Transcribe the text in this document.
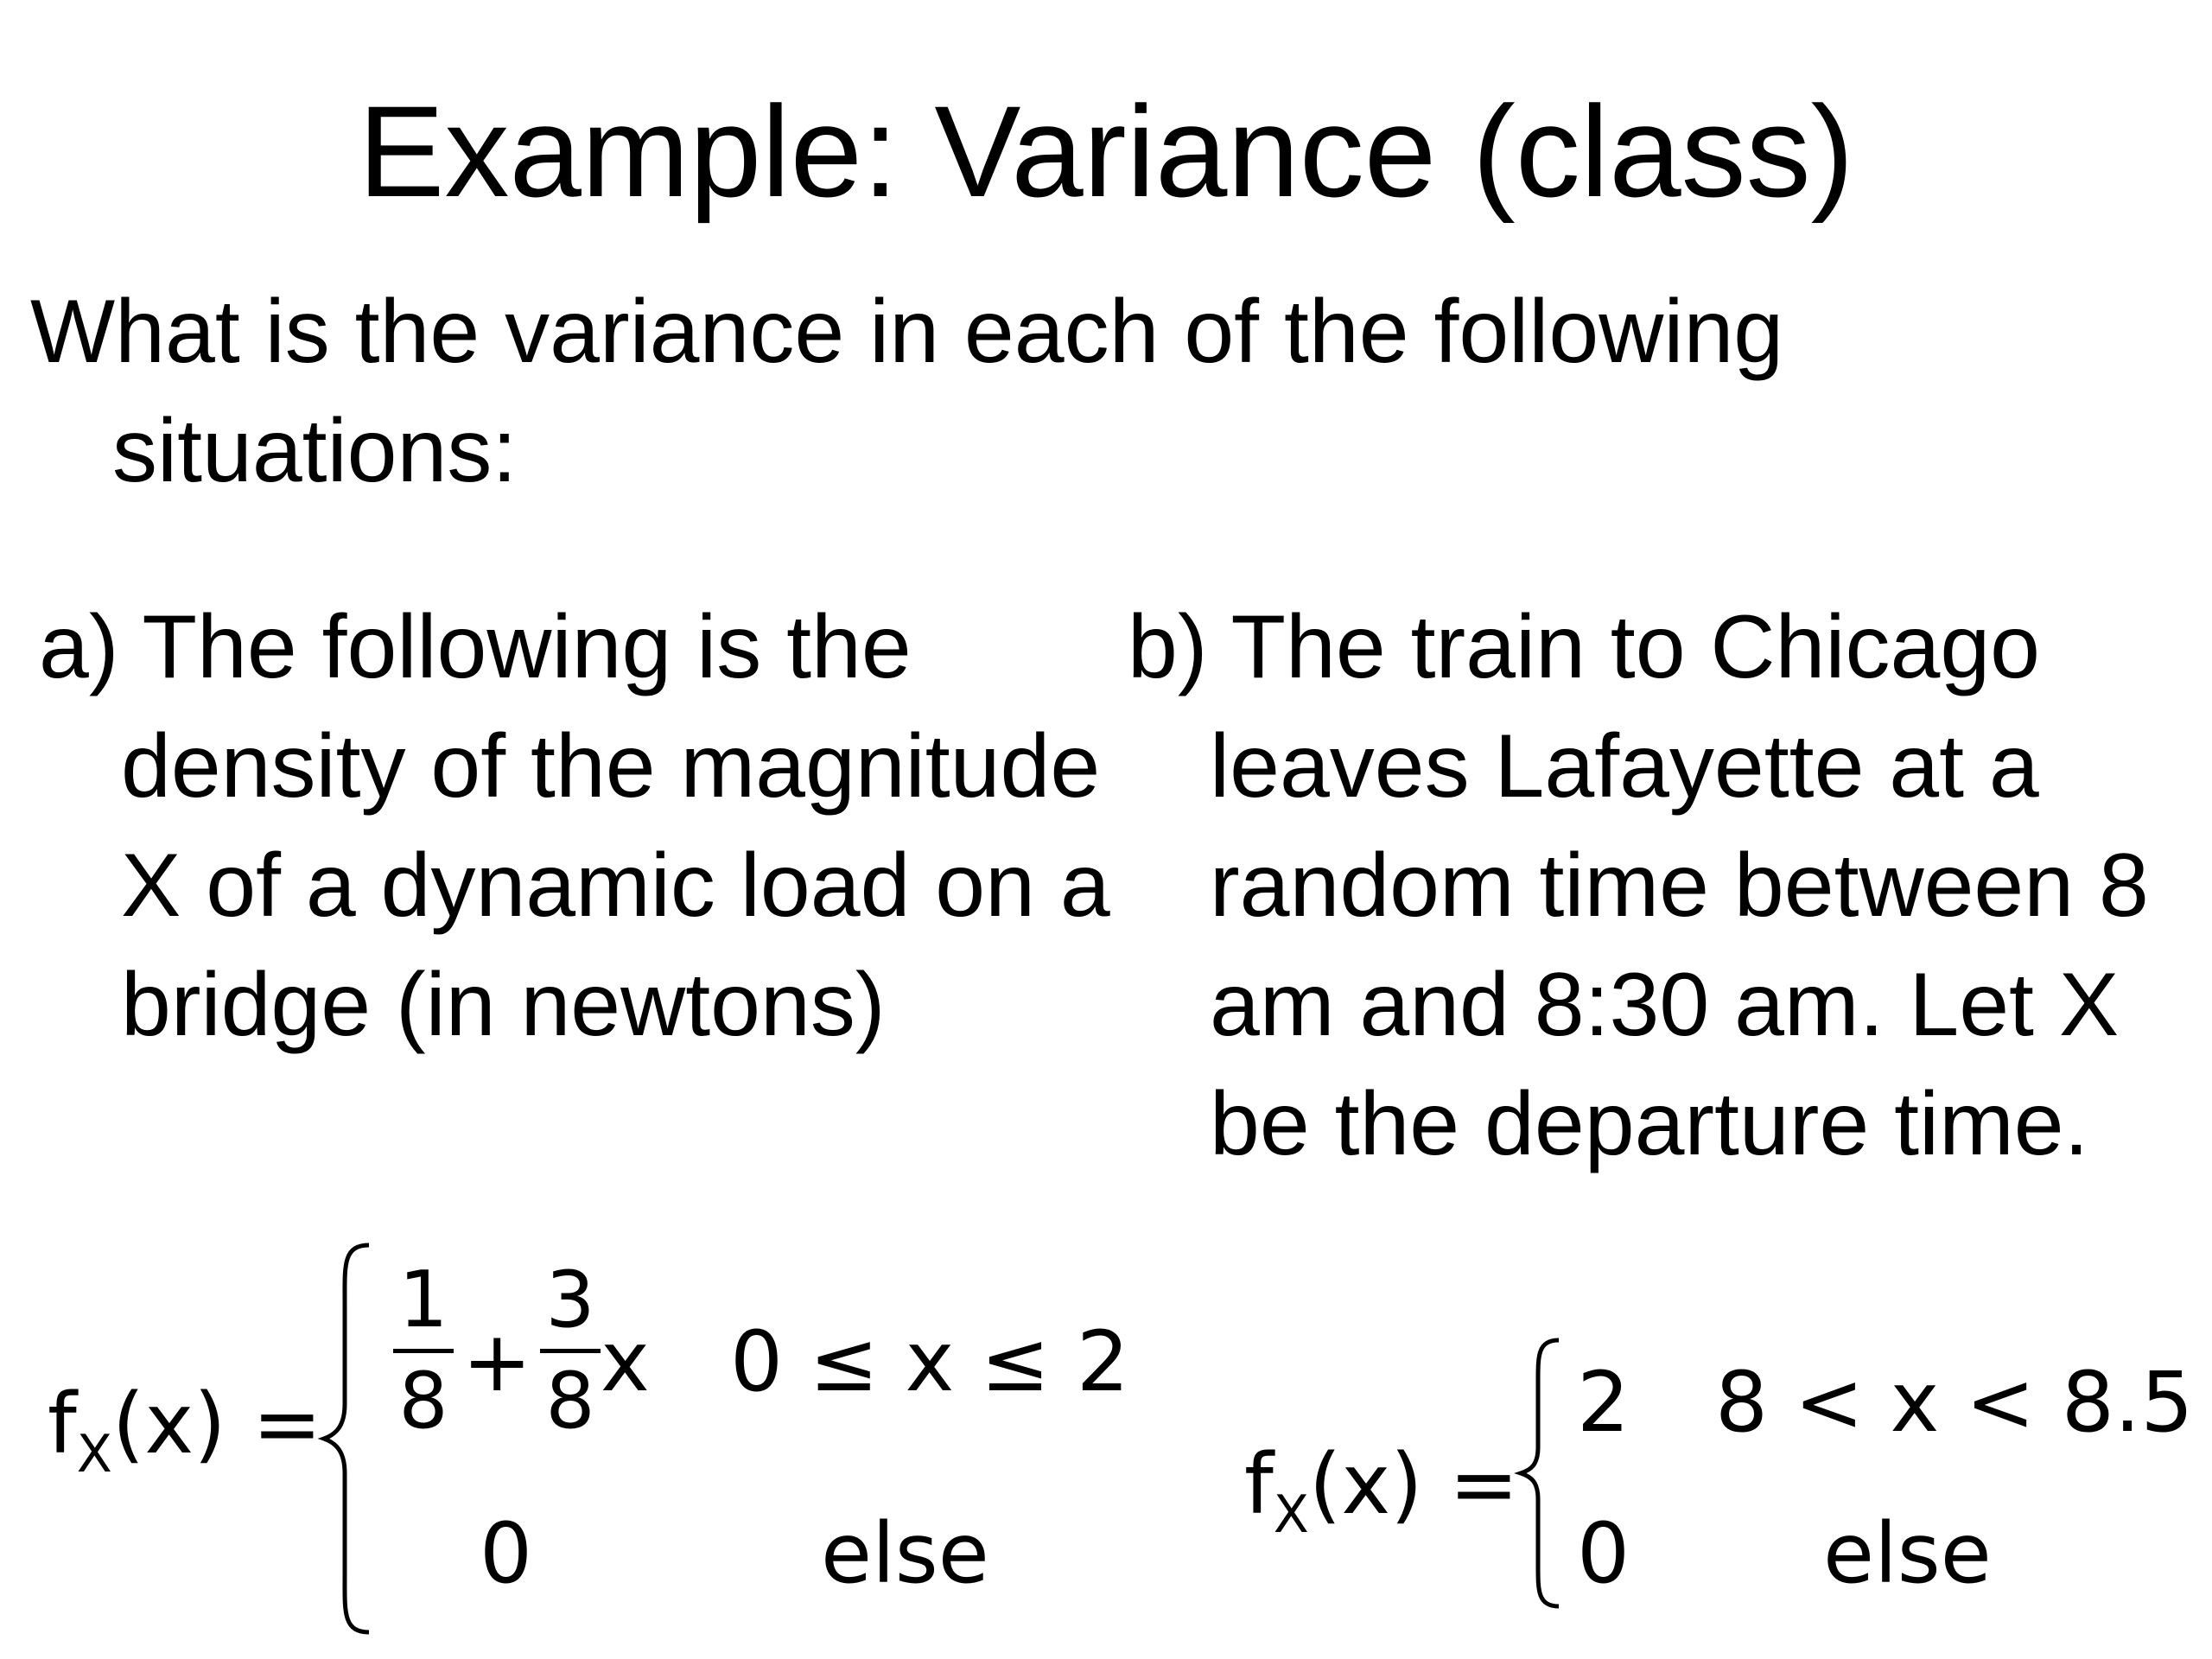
Example: Variance (class)
What is the variance in each of the following situations:
a) The following is the density of the magnitude X of a dynamic load on a bridge (in newtons)
b) The train to Chicago leaves Lafayette at a random time between 8 am and 8:30 am. Let X be the departure time.
$f_X(x)$ =
1
8 +
3
8 x 0 ≤ x ≤ 2
0	else
$f_X(x)$ =
2 8 < x < 8.5
0 else
